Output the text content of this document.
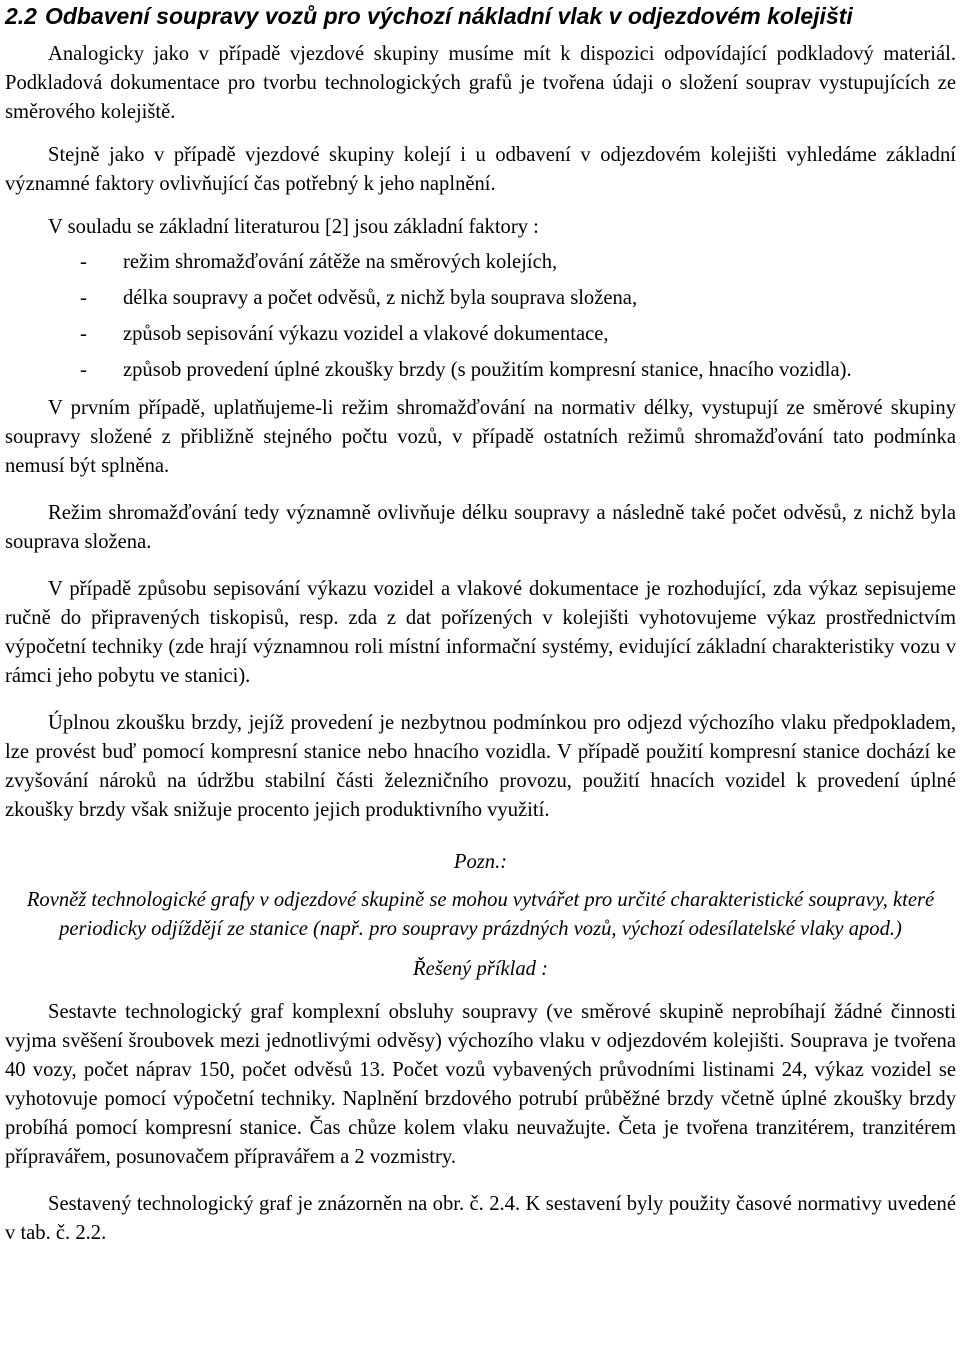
2.2 Odbavení soupravy vozů pro výchozí nákladní vlak v odjezdovém kolejišti

Analogicky jako v případě vjezdové skupiny musíme mít k dispozici odpovídající podkladový materiál. Podkladová dokumentace pro tvorbu technologických grafů je tvořena údaji o složení souprav vystupujících ze směrového kolejiště.

Stejně jako v případě vjezdové skupiny kolejí i u odbavení v odjezdovém kolejišti vyhledáme základní významné faktory ovlivňující čas potřebný k jeho naplnění.

V souladu se základní literaturou [2] jsou základní faktory :

- režim shromažďování zátěže na směrových kolejích,
- délka soupravy a počet odvěsů, z nichž byla souprava složena,
- způsob sepisování výkazu vozidel a vlakové dokumentace,
- způsob provedení úplné zkoušky brzdy (s použitím kompresní stanice, hnacího vozidla).

V prvním případě, uplatňujeme-li režim shromažďování na normativ délky, vystupují ze směrové skupiny soupravy složené z přibližně stejného počtu vozů, v případě ostatních režimů shromažďování tato podmínka nemusí být splněna.

Režim shromažďování tedy významně ovlivňuje délku soupravy a následně také počet odvěsů, z nichž byla souprava složena.

V případě způsobu sepisování výkazu vozidel a vlakové dokumentace je rozhodující, zda výkaz sepisujeme ručně do připravených tiskopisů, resp. zda z dat pořízených v kolejišti vyhotovujeme výkaz prostřednictvím výpočetní techniky (zde hrají významnou roli místní informační systémy, evidující základní charakteristiky vozu v rámci jeho pobytu ve stanici).

Úplnou zkoušku brzdy, jejíž provedení je nezbytnou podmínkou pro odjezd výchozího vlaku předpokladem, lze provést buď pomocí kompresní stanice nebo hnacího vozidla. V případě použití kompresní stanice dochází ke zvyšování nároků na údržbu stabilní části železničního provozu, použití hnacích vozidel k provedení úplné zkoušky brzdy však snižuje procento jejich produktivního využití.

Pozn.:

Rovněž technologické grafy v odjezdové skupině se mohou vytvářet pro určité charakteristické soupravy, které periodicky odjíždějí ze stanice (např. pro soupravy prázdných vozů, výchozí odesílatelské vlaky apod.)

Řešený příklad :

Sestavte technologický graf komplexní obsluhy soupravy (ve směrové skupině neprobíhají žádné činnosti vyjma svěšení šroubovek mezi jednotlivými odvěsy) výchozího vlaku v odjezdovém kolejišti. Souprava je tvořena 40 vozy, počet náprav 150, počet odvěsů 13. Počet vozů vybavených průvodními listinami 24, výkaz vozidel se vyhotovuje pomocí výpočetní techniky. Naplnění brzdového potrubí průběžné brzdy včetně úplné zkoušky brzdy probíhá pomocí kompresní stanice. Čas chůze kolem vlaku neuvažujte. Četa je tvořena tranzitérem, tranzitérem přípravářem, posunovačem přípravářem a 2 vozmistry.

Sestavený technologický graf je znázorněn na obr. č. 2.4. K sestavení byly použity časové normativy uvedené v tab. č. 2.2.
